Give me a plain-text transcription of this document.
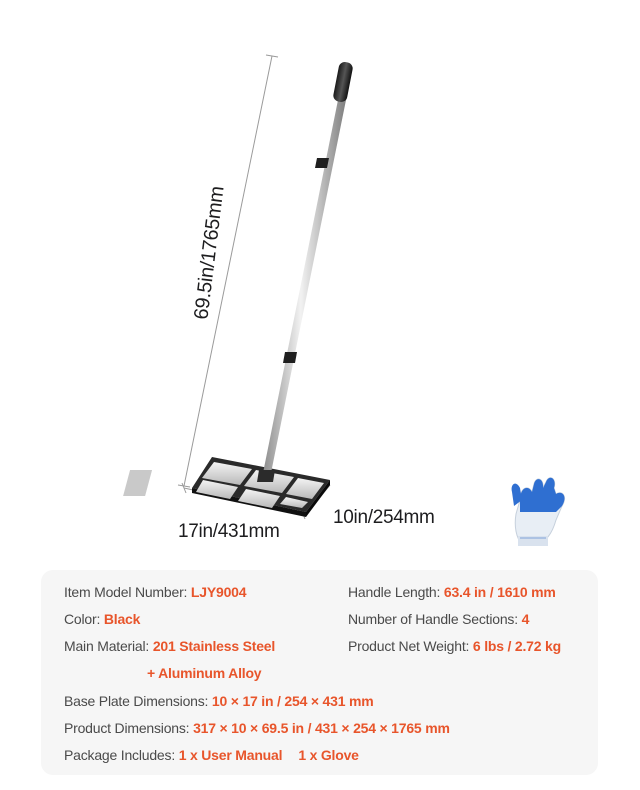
69.5in/1765mm
17in/431mm
10in/254mm
Item Model Number: LJY9004	Handle Length: 63.4 in / 1610 mm
Color: Black	Number of Handle Sections: 4
Main Material: 201 Stainless Steel	Product Net Weight: 6 lbs / 2.72 kg
+ Aluminum Alloy
Base Plate Dimensions: 10 × 17 in / 254 × 431 mm
Product Dimensions: 317 × 10 × 69.5 in / 431 × 254 × 1765 mm
Package Includes: 1 x User Manual 1 x Glove
